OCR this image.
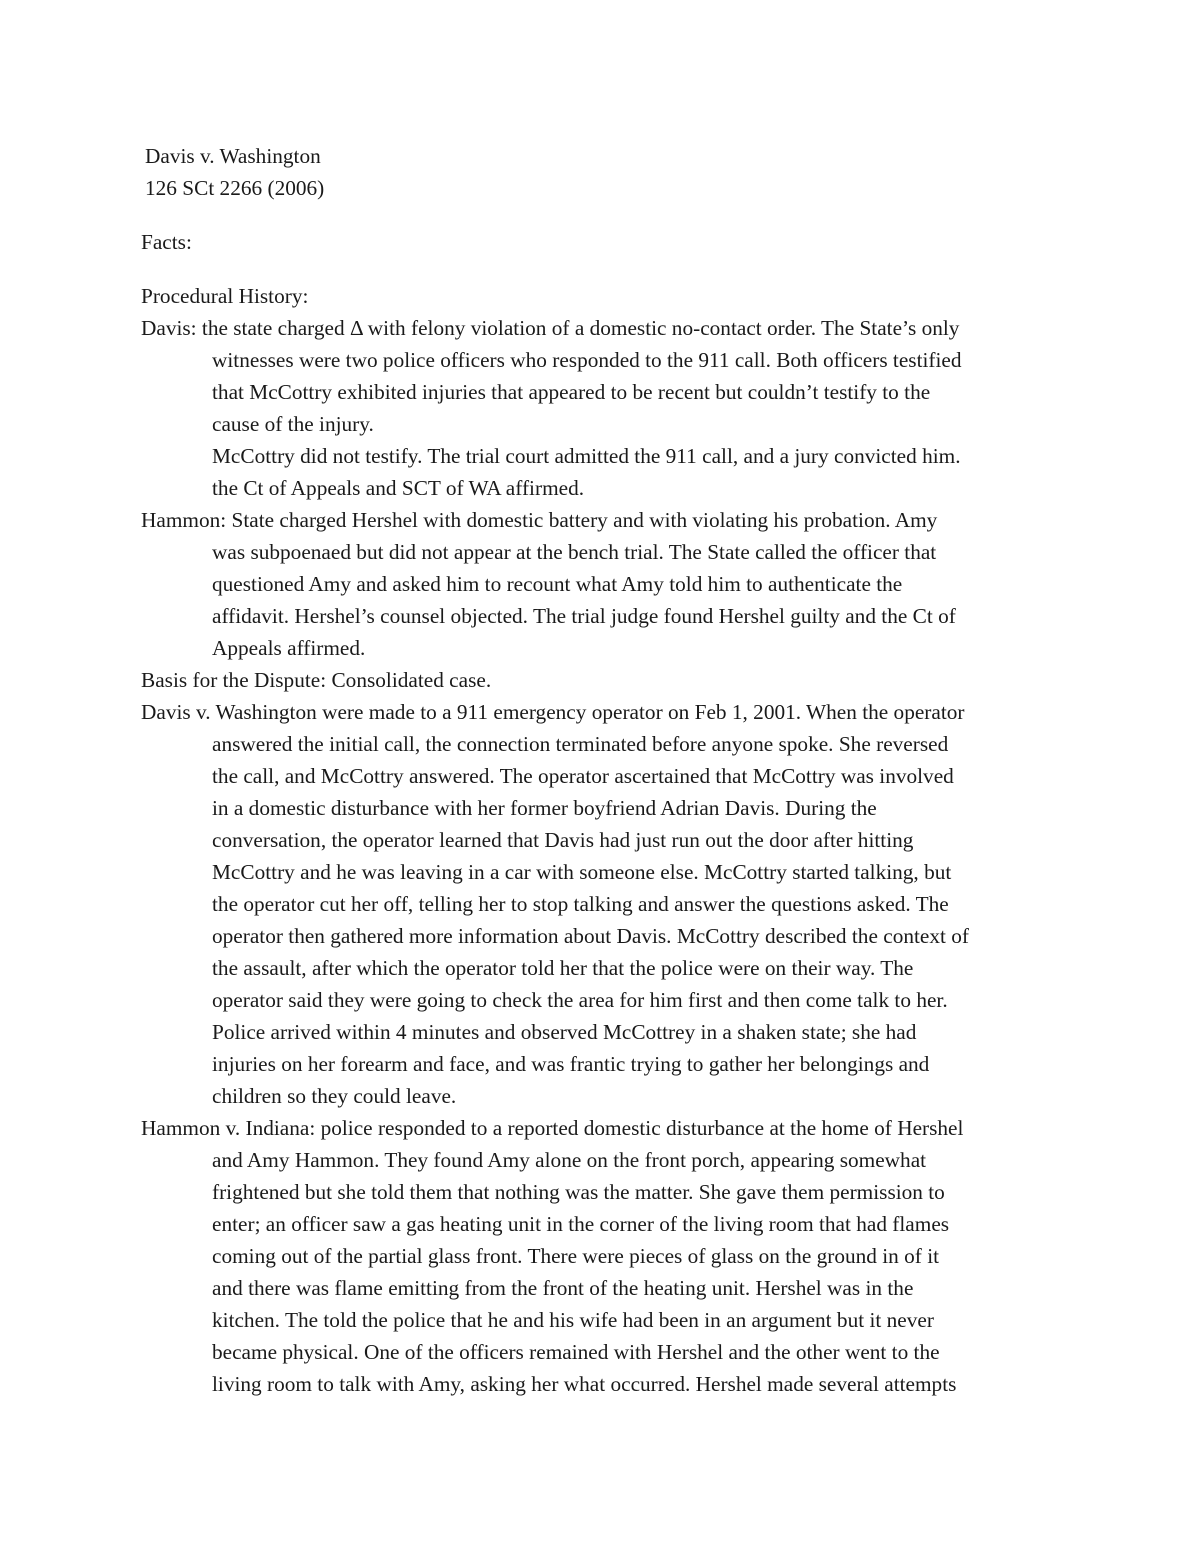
Davis v. Washington
126 SCt 2266 (2006)
Facts:
Procedural History:
Davis: the state charged Δ with felony violation of a domestic no-contact order. The State’s only
witnesses were two police officers who responded to the 911 call. Both officers testified
that McCottry exhibited injuries that appeared to be recent but couldn’t testify to the
cause of the injury.
McCottry did not testify. The trial court admitted the 911 call, and a jury convicted him.
the Ct of Appeals and SCT of WA affirmed.
Hammon: State charged Hershel with domestic battery and with violating his probation. Amy
was subpoenaed but did not appear at the bench trial. The State called the officer that
questioned Amy and asked him to recount what Amy told him to authenticate the
affidavit. Hershel’s counsel objected. The trial judge found Hershel guilty and the Ct of
Appeals affirmed.
Basis for the Dispute: Consolidated case.
Davis v. Washington were made to a 911 emergency operator on Feb 1, 2001. When the operator
answered the initial call, the connection terminated before anyone spoke. She reversed
the call, and McCottry answered. The operator ascertained that McCottry was involved
in a domestic disturbance with her former boyfriend Adrian Davis. During the
conversation, the operator learned that Davis had just run out the door after hitting
McCottry and he was leaving in a car with someone else. McCottry started talking, but
the operator cut her off, telling her to stop talking and answer the questions asked. The
operator then gathered more information about Davis. McCottry described the context of
the assault, after which the operator told her that the police were on their way. The
operator said they were going to check the area for him first and then come talk to her.
Police arrived within 4 minutes and observed McCottrey in a shaken state; she had
injuries on her forearm and face, and was frantic trying to gather her belongings and
children so they could leave.
Hammon v. Indiana: police responded to a reported domestic disturbance at the home of Hershel
and Amy Hammon. They found Amy alone on the front porch, appearing somewhat
frightened but she told them that nothing was the matter. She gave them permission to
enter; an officer saw a gas heating unit in the corner of the living room that had flames
coming out of the partial glass front. There were pieces of glass on the ground in of it
and there was flame emitting from the front of the heating unit. Hershel was in the
kitchen. The told the police that he and his wife had been in an argument but it never
became physical. One of the officers remained with Hershel and the other went to the
living room to talk with Amy, asking her what occurred. Hershel made several attempts
